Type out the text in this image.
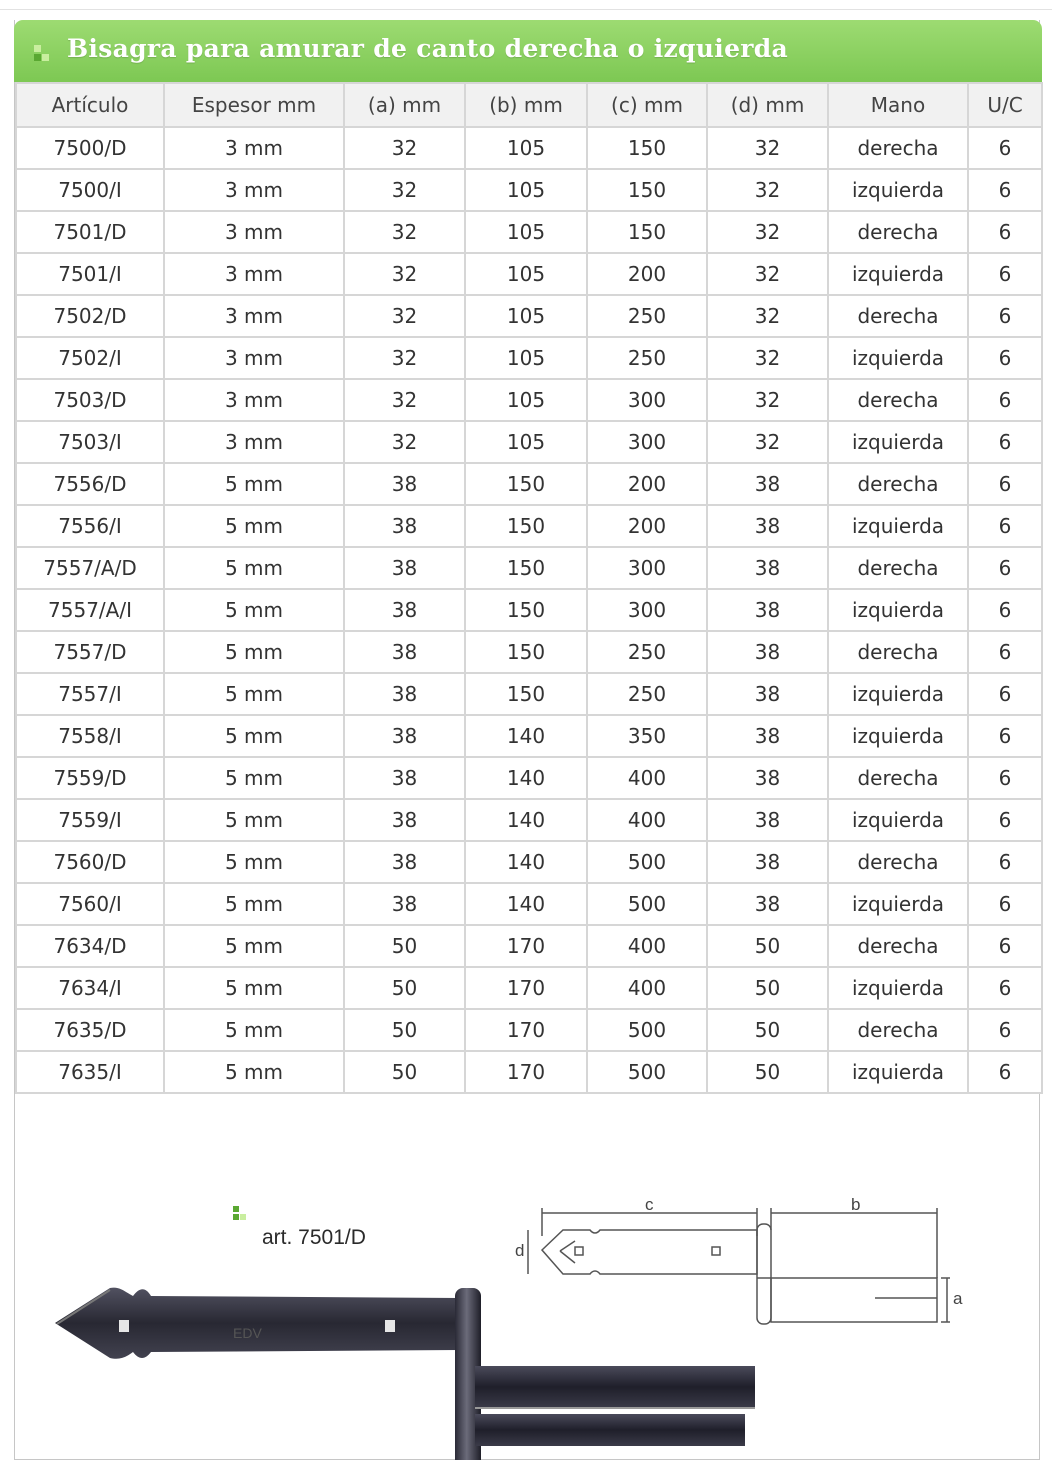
Bisagra para amurar de canto derecha o izquierda
Artículo	Espesor mm	(a) mm	(b) mm	(c) mm	(d) mm	Mano	U/C
7500/D	3 mm	32	105	150	32	derecha	6
7500/I	3 mm	32	105	150	32	izquierda	6
7501/D	3 mm	32	105	150	32	derecha	6
7501/I	3 mm	32	105	200	32	izquierda	6
7502/D	3 mm	32	105	250	32	derecha	6
7502/I	3 mm	32	105	250	32	izquierda	6
7503/D	3 mm	32	105	300	32	derecha	6
7503/I	3 mm	32	105	300	32	izquierda	6
7556/D	5 mm	38	150	200	38	derecha	6
7556/I	5 mm	38	150	200	38	izquierda	6
7557/A/D	5 mm	38	150	300	38	derecha	6
7557/A/I	5 mm	38	150	300	38	izquierda	6
7557/D	5 mm	38	150	250	38	derecha	6
7557/I	5 mm	38	150	250	38	izquierda	6
7558/I	5 mm	38	140	350	38	izquierda	6
7559/D	5 mm	38	140	400	38	derecha	6
7559/I	5 mm	38	140	400	38	izquierda	6
7560/D	5 mm	38	140	500	38	derecha	6
7560/I	5 mm	38	140	500	38	izquierda	6
7634/D	5 mm	50	170	400	50	derecha	6
7634/I	5 mm	50	170	400	50	izquierda	6
7635/D	5 mm	50	170	500	50	derecha	6
7635/I	5 mm	50	170	500	50	izquierda	6
art. 7501/D
EDV
c	b
d
a
